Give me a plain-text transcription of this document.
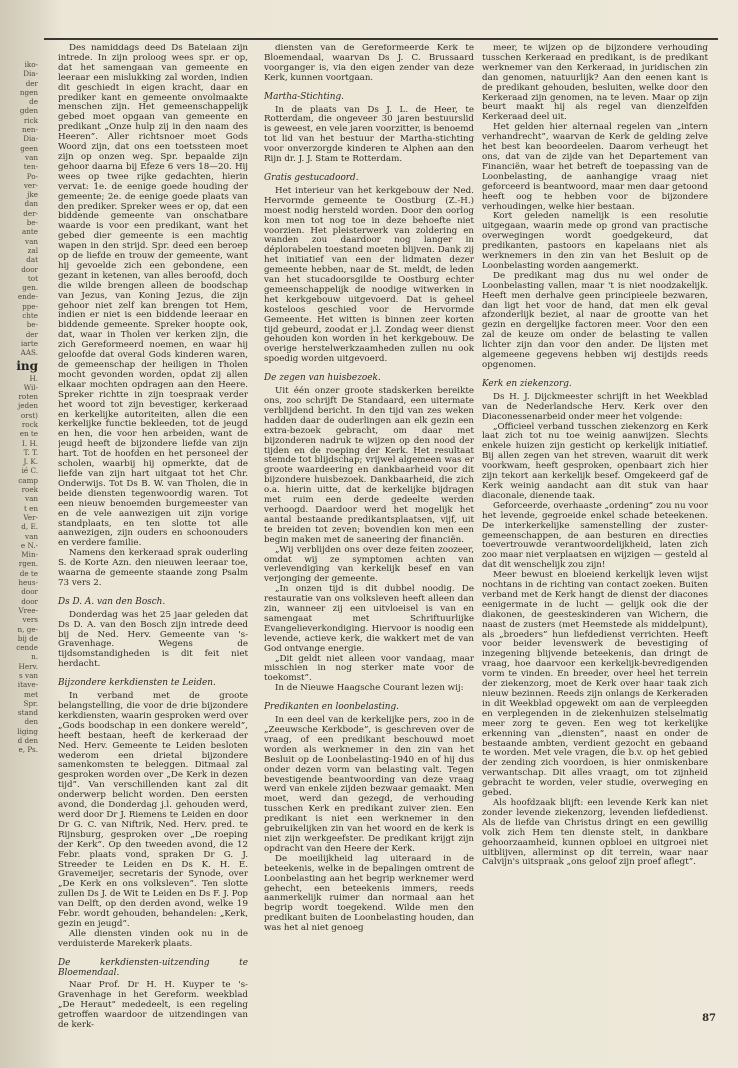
iko-
Dia-
der
ngen
de
gden
rick
nen-
Dia-
geen
van
ten-
Po-
ver-
jke
dan
der-
be-
ante
van
zal
dat
door
tot
gen.
ende-
ppe-
chte
be-
der
iarte
AAS.
ing
H.
Wil-
roten
jeden
orst)
rock
en te
I. H.
T. T.
J. K.
ié C.
camp
roek
van
t en
Ver-
d, E.
van
e N.-
Min-
rgen.
de te
heus-
door
door
Vree-
vers
n, ge-
bij de
cende
n.
Herv.
s van
itave-
met
Spr.
stand
den
liging
d den
e, Ps.

Des namiddags deed Ds Batelaan zijn intrede. In zijn proloog wees spr. er op, dat het samengaan van gemeente en leeraar een mislukking zal worden, indien dit geschiedt in eigen kracht, daar en prediker kant en gemeente onvolmaakte menschen zijn. Het gemeenschappelijk gebed moet opgaan van gemeente en predikant „Onze hulp zij in den naam des Heeren”. Aller richtsnoer moet Gods Woord zijn, dat ons een toetssteen moet zijn op onzen weg. Spr. bepaalde zijn gehoor daarna bij Efeze 6 vers 18—20. Hij wees op twee rijke gedachten, hierin vervat: 1e. de eenige goede houding der gemeente; 2e. de eenige goede plaats van den prediker. Spreker wees er op, dat een biddende gemeente van onschatbare waarde is voor een predikant, want het gebed dier gemeente is een machtig wapen in den strijd. Spr. deed een beroep op de liefde en trouw der gemeente, want hij gevoelde zich een gebondene, een gezant in ketenen, van alles beroofd, doch die wilde brengen alleen de boodschap van Jezus, van Koning Jezus, die zijn gehoor niet zelf kan brengen tot Hem, indien er niet is een biddende leeraar en biddende gemeente. Spreker hoopte ook, dat, waar in Tholen ver kerken zijn, die zich Gereformeerd noemen, en waar hij geloofde dat overal Gods kinderen waren, de gemeenschap der heiligen in Tholen mocht gevonden worden, opdat zij allen elkaar mochten opdragen aan den Heere. Spreker richtte in zijn toespraak verder het woord tot zijn bevestiger, kerkeraad en kerkelijke autoriteiten, allen die een kerkelijke functie bekleeden, tot de jeugd en hen, die voor hen arbeiden, want de jeugd heeft de bijzondere liefde van zijn hart. Tot de hoofden en het personeel der scholen, waarbij hij opmerkte, dat de liefde van zijn hart uitgaat tot het Chr. Onderwijs. Tot Ds B. W. van Tholen, die in beide diensten tegenwoordig waren. Tot een nieuw benoemden burgemeester van en de vele aanwezigen uit zijn vorige standplaats, en ten slotte tot alle aanwezigen, zijn ouders en schoonouders en verdere familie.

Namens den kerkeraad sprak ouderling S. de Korte Azn. den nieuwen leeraar toe, waarna de gemeente staande zong Psalm 73 vers 2.

Ds D. A. van den Bosch.

Donderdag was het 25 jaar geleden dat Ds D. A. van den Bosch zijn intrede deed bij de Ned. Herv. Gemeente van 's-Gravenhage. Wegens de tijdsomstandigheden is dit feit niet herdacht.

Bijzondere kerkdiensten te Leiden.

In verband met de groote belangstelling, die voor de drie bijzondere kerkdiensten, waarin gesproken werd over „Gods boodschap in een donkere wereld”, heeft bestaan, heeft de kerkeraad der Ned. Herv. Gemeente te Leiden besloten wederom een drietal bijzondere samenkomsten te beleggen. Ditmaal zal gesproken worden over „De Kerk in dezen tijd”. Van verschillenden kant zal dit onderwerp belicht worden. Den eersten avond, die Donderdag j.l. gehouden werd, werd door Dr J. Riemens te Leiden en door Dr G. C. van Niftrik, Ned. Herv. pred. te Rijnsburg, gesproken over „De roeping der Kerk”. Op den tweeden avond, die 12 Febr. plaats vond, spraken Dr G. J. Streeder te Leiden en Ds K. H. E. Gravemeijer, secretaris der Synode, over „De Kerk en ons volksleven”. Ten slotte zullen Ds J. de Wit te Leiden en Ds F. J. Pop van Delft, op den derden avond, welke 19 Febr. wordt gehouden, behandelen: „Kerk, gezin en jeugd”.

Alle diensten vinden ook nu in de verduisterde Marekerk plaats.

De kerkdiensten-uitzending te Bloemendaal.

Naar Prof. Dr H. H. Kuyper te 's-Gravenhage in het Gereform. weekblad „De Heraut” mededeelt, is een regeling getroffen waardoor de uitzendingen van de kerk-

diensten van de Gereformeerde Kerk te Bloemendaal, waarvan Ds J. C. Brussaard voorganger is, via den eigen zender van deze Kerk, kunnen voortgaan.

Martha-Stichting.

In de plaats van Ds J. L. de Heer, te Rotterdam, die ongeveer 30 jaren bestuurslid is geweest, en vele jaren voorzitter, is benoemd tot lid van het bestuur der Martha-stichting voor onverzorgde kinderen te Alphen aan den Rijn dr. J. J. Stam te Rotterdam.

Gratis gestucadoord.

Het interieur van het kerkgebouw der Ned. Hervormde gemeente te Oostburg (Z.-H.) moest nodig hersteld worden. Door den oorlog kon men tot nog toe in deze behoefte niet voorzien. Het pleisterwerk van zoldering en wanden zou daardoor nog langer in déplorabelen toestand moeten blijven. Dank zij het initiatief van een der lidmaten dezer gemeente hebben, naar de St. meldt, de leden van het stucadoorsgilde te Oostburg echter gemeenschappelijk de noodige witwerken in het kerkgebouw uitgevoerd. Dat is geheel kosteloos geschied voor de Hervormde Gemeente. Het witten is binnen zeer korten tijd gebeurd, zoodat er j.l. Zondag weer dienst gehouden kon worden in het kerkgebouw. De overige herstelwerkzaamheden zullen nu ook spoedig worden uitgevoerd.

De zegen van huisbezoek.

Uit één onzer groote stadskerken bereikte ons, zoo schrijft De Standaard, een uitermate verblijdend bericht. In den tijd van zes weken hadden daar de ouderlingen aan elk gezin een extra-bezoek gebracht, om daar met bijzonderen nadruk te wijzen op den nood der tijden en de roeping der Kerk. Het resultaat stemde tot blijdschap; vrijwel algemeen was er groote waardeering en dankbaarheid voor dit bijzondere huisbezoek. Dankbaarheid, die zich o.a. hierin uitte, dat de kerkelijke bijdragen met ruim een derde gedeelte werden verhoogd. Daardoor werd het mogelijk het aantal bestaande predikantsplaatsen, vijf, uit te breiden tot zeven; bovendien kon men een begin maken met de sanеering der financiën.

„Wij verblijden ons over deze feiten zoozeer, omdat wij ze symptomen achten van verlevendiging van kerkelijk besef en van verjonging der gemeente.

„In onzen tijd is dit dubbel noodig. De restauratie van ons volksleven heeft alleen dan zin, wanneer zij een uitvloeisel is van en samengaat met Schriftuurlijke Evangelieverkondiging. Hiervoor is noodig een levende, actieve kerk, die wakkert met de van God ontvange energie.

„Dit geldt niet alleen voor vandaag, maar misschien in nog sterker mate voor de toekomst”.

In de Nieuwe Haagsche Courant lezen wij:

Predikanten en loonbelasting.

In een deel van de kerkelijke pers, zoo in de „Zeeuwsche Kerkbode”, is geschreven over de vraag, of een predikant beschouwd moet worden als werknemer in den zin van het Besluit op de Loonbelasting-1940 en of hij dus onder dezen vorm van belasting valt. Tegen bevestigende beantwoording van deze vraag werd van enkele zijden bezwaar gemaakt. Men moet, werd dan gezegd, de verhouding tusschen Kerk en predikant zuiver zien. Een predikant is niet een werknemer in den gebruikelijken zin van het woord en de kerk is niet zijn werkgeefster. De predikant krijgt zijn opdracht van den Heere der Kerk.

De moeilijkheid lag uiteraard in de beteekenis, welke in de bepalingen omtrent de Loonbelasting aan het begrip werknemer werd gehecht, een beteekenis immers, reeds aanmerkelijk ruimer dan normaal aan het begrip wordt toegekend. Wilde men den predikant buiten de Loonbelasting houden, dan was het al niet genoeg

meer, te wijzen op de bijzondere verhouding tusschen Kerkeraad en predikant, is de predikant werknemer van den Kerkeraad, in juridischen zin dan genomen, natuurlijk? Aan den eenen kant is de predikant gehouden, besluiten, welke door den Kerkeraad zijn genomen, na te leven. Maar op zijn beurt maakt hij als regel van dienzelfden Kerkeraad deel uit.

Het gelden hier alternaal regelen van „intern verhandrecht”, waarvan de Kerk de gelding zelve het best kan beoordeelen. Daarom verheugt het ons, dat van de zijde van het Departement van Financiën, waar het betreft de toepassing van de Loonbelasting, de aanhangige vraag niet geforceerd is beantwoord, maar men daar getoond heeft oog te hebben voor de bijzondere verhoudingen, welke hier bestaan.

Kort geleden namelijk is een resolutie uitgegaan, waarin mede op grond van practische overwegingen wordt goedgekeurd, dat predikanten, pastoors en kapelaans niet als werknemers in den zin van het Besluit op de Loonbelasting worden aangemerkt.

De predikant mag dus nu wel onder de Loonbelasting vallen, maar 't is niet noodzakelijk. Heeft men derhalve geen principieele bezwaren, dan ligt het voor de hand, dat men elk geval afzonderlijk beziet, al naar de grootte van het gezin en dergelijke factoren meer. Voor den een zal de keuze om onder de belasting te vallen lichter zijn dan voor den ander. De lijsten met algemeene gegevens hebben wij destijds reeds opgenomen.

Kerk en ziekenzorg.

Ds H. J. Dijckmeester schrijft in het Weekblad van de Nederlandsche Herv. Kerk over den Diaconessenarbeid onder meer het volgende:

„Officieel verband tusschen ziekenzorg en Kerk laat zich tot nu toe weinig aanwijzen. Slechts enkele huizen zijn gesticht op kerkelijk initiatief. Bij allen zegen van het streven, waaruit dit werk voorkwam, heeft gesproken, openbaart zich hier zijn tekort aan kerkelijk besef. Omgekeerd gaf de Kerk weinig aandacht aan dit stuk van haar diaconale, dienende taak.

Geforceerde, overhaaste „ordening” zou nu voor het levende, gegroeide enkel schade beteekenen. De interkerkelijke samenstelling der zuster-gemeenschappen, de aan besturen en directies toevertrouwde verantwoordelijkheid, laten zich zoo maar niet verplaatsen en wijzigen — gesteld al dat dit wenschelijk zou zijn!

Meer bewust en bloeiend kerkelijk leven wijst nochtans in de richting van contact zoeken. Buiten verband met de Kerk hangt de dienst der diacones eenigermate in de lucht — gelijk ook die der diakonen, de geesteskinderen van Wichern, die naast de zusters (met Heemstede als middelpunt), als „broeders” hun liefdedienst verrichten. Heeft voor beider levenswerk de bevestiging of inzegening blijvende beteekenis, dan dringt de vraag, hoe daarvoor een kerkelijk-bevredigenden vorm te vinden. En breeder, over heel het terrein der ziekenzorg, moet de Kerk over haar taak zich nieuw bezinnen. Reeds zijn onlangs de Kerkeraden in dit Weekblad opgewekt om aan de verpleegden en verplegenden in de ziekenhuizen stelselmatig meer zorg te geven. Een weg tot kerkelijke erkenning van „diensten”, naast en onder de bestaande ambten, verdient gezocht en gebaand te worden. Met vele vragen, die b.v. op het gebied der zending zich voordoen, is hier onmiskenbare verwantschap. Dit alles vraagt, om tot zijnheid gebracht te worden, veler studie, overweging en gebed.

Als hoofdzaak blijft: een levende Kerk kan niet zonder levende ziekenzorg, levenden liefdedienst. Als de liefde van Christus dringt en een gewillig volk zich Hem ten dienste stelt, in dankbare gehoorzaamheid, kunnen opbloei en uitgroei niet uitblijven, allerminst op dit terrein, waar naar Calvijn's uitspraak „ons geloof zijn proef aflegt”.

87
